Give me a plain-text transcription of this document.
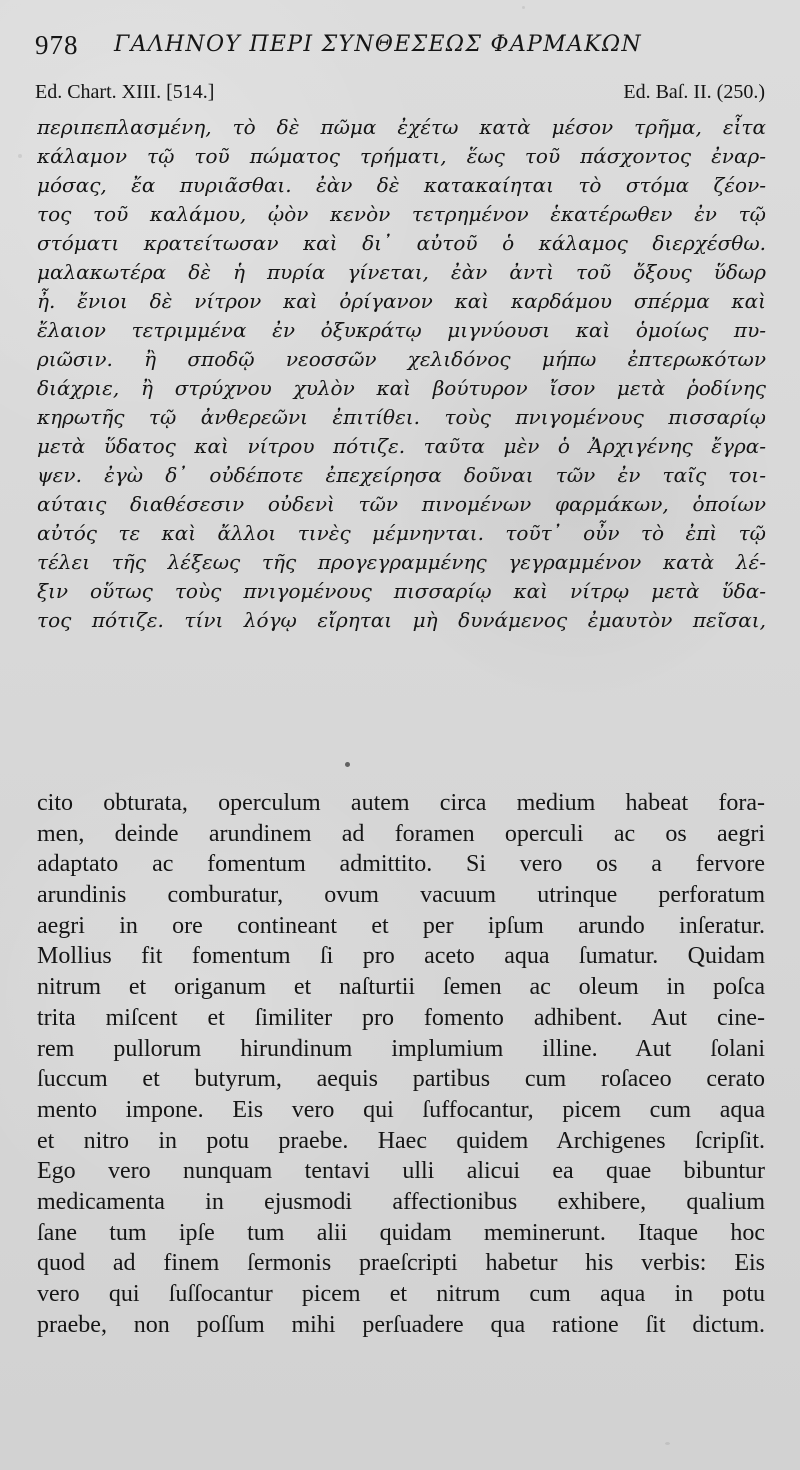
978 ΓΑΛΗΝΟΥ ΠΕΡΙ ΣΥΝΘΕΣΕΩΣ ΦΑΡΜΑΚΩΝ
Ed. Chart. XIII. [514.]	Ed. Baſ. II. (250.)
περιπεπλασμένη, τὸ δὲ πῶμα ἐχέτω κατὰ μέσον τρῆμα, εἶτα
κάλαμον τῷ τοῦ πώματος τρήματι, ἕως τοῦ πάσχοντος ἐναρ-
μόσας, ἔα πυριᾶσθαι. ἐὰν δὲ κατακαίηται τὸ στόμα ζέον-
τος τοῦ καλάμου, ᾠὸν κενὸν τετρημένον ἑκατέρωθεν ἐν τῷ
στόματι κρατείτωσαν καὶ δι᾽ αὐτοῦ ὁ κάλαμος διερχέσθω.
μαλακωτέρα δὲ ἡ πυρία γίνεται, ἐὰν ἀντὶ τοῦ ὄξους ὕδωρ
ἦ. ἔνιοι δὲ νίτρον καὶ ὀρίγανον καὶ καρδάμου σπέρμα καὶ
ἔλαιον τετριμμένα ἐν ὀξυκράτῳ μιγνύουσι καὶ ὁμοίως πυ-
ριῶσιν. ἢ σποδῷ νεοσσῶν χελιδόνος μήπω ἐπτερωκότων
διάχριε, ἢ στρύχνου χυλὸν καὶ βούτυρον ἴσον μετὰ ῥοδίνης
κηρωτῆς τῷ ἀνθερεῶνι ἐπιτίθει. τοὺς πνιγομένους πισσαρίῳ
μετὰ ὕδατος καὶ νίτρου πότιζε. ταῦτα μὲν ὁ Ἀρχιγένης ἔγρα-
ψεν. ἐγὼ δ᾽ οὐδέποτε ἐπεχείρησα δοῦναι τῶν ἐν ταῖς τοι-
αύταις διαθέσεσιν οὐδενὶ τῶν πινομένων φαρμάκων, ὁποίων
αὐτός τε καὶ ἄλλοι τινὲς μέμνηνται. τοῦτ᾽ οὖν τὸ ἐπὶ τῷ
τέλει τῆς λέξεως τῆς προγεγραμμένης γεγραμμένον κατὰ λέ-
ξιν οὕτως τοὺς πνιγομένους πισσαρίῳ καὶ νίτρῳ μετὰ ὕδα-
τος πότιζε. τίνι λόγῳ εἴρηται μὴ δυνάμενος ἐμαυτὸν πεῖσαι,
cito obturata, operculum autem circa medium habeat fora-
men, deinde arundinem ad foramen operculi ac os aegri
adaptato ac fomentum admittito. Si vero os a fervore
arundinis comburatur, ovum vacuum utrinque perforatum
aegri in ore contineant et per ipſum arundo inſeratur.
Mollius fit fomentum ſi pro aceto aqua ſumatur. Quidam
nitrum et origanum et naſturtii ſemen ac oleum in poſca
trita miſcent et ſimiliter pro fomento adhibent. Aut cine-
rem pullorum hirundinum implumium illine. Aut ſolani
ſuccum et butyrum, aequis partibus cum roſaceo cerato
mento impone. Eis vero qui ſuffocantur, picem cum aqua
et nitro in potu praebe. Haec quidem Archigenes ſcripſit.
Ego vero nunquam tentavi ulli alicui ea quae bibuntur
medicamenta in ejusmodi affectionibus exhibere, qualium
ſane tum ipſe tum alii quidam meminerunt. Itaque hoc
quod ad finem ſermonis praeſcripti habetur his verbis: Eis
vero qui ſuſſocantur picem et nitrum cum aqua in potu
praebe, non poſſum mihi perſuadere qua ratione ſit dictum.
